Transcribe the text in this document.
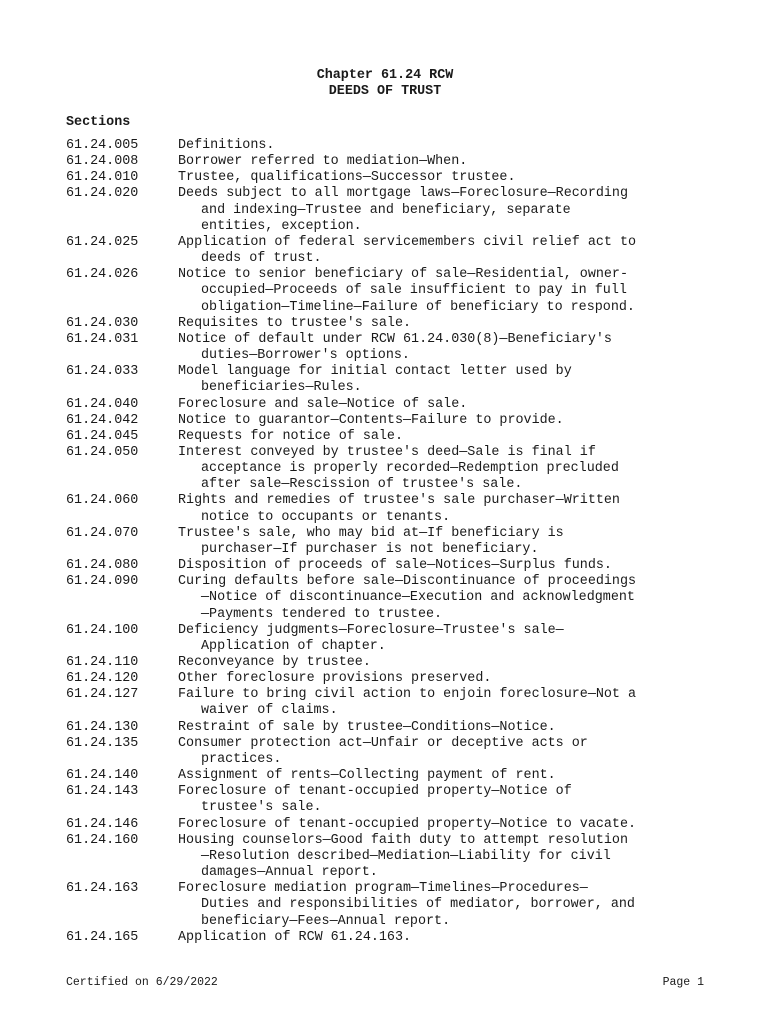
Chapter 61.24 RCW
DEEDS OF TRUST
Sections
61.24.005	Definitions.
61.24.008	Borrower referred to mediation—When.
61.24.010	Trustee, qualifications—Successor trustee.
61.24.020	Deeds subject to all mortgage laws—Foreclosure—Recording
and indexing—Trustee and beneficiary, separate
entities, exception.
61.24.025	Application of federal servicemembers civil relief act to
deeds of trust.
61.24.026	Notice to senior beneficiary of sale—Residential, owner-
occupied—Proceeds of sale insufficient to pay in full
obligation—Timeline—Failure of beneficiary to respond.
61.24.030	Requisites to trustee's sale.
61.24.031	Notice of default under RCW 61.24.030(8)—Beneficiary's
duties—Borrower's options.
61.24.033	Model language for initial contact letter used by
beneficiaries—Rules.
61.24.040	Foreclosure and sale—Notice of sale.
61.24.042	Notice to guarantor—Contents—Failure to provide.
61.24.045	Requests for notice of sale.
61.24.050	Interest conveyed by trustee's deed—Sale is final if
acceptance is properly recorded—Redemption precluded
after sale—Rescission of trustee's sale.
61.24.060	Rights and remedies of trustee's sale purchaser—Written
notice to occupants or tenants.
61.24.070	Trustee's sale, who may bid at—If beneficiary is
purchaser—If purchaser is not beneficiary.
61.24.080	Disposition of proceeds of sale—Notices—Surplus funds.
61.24.090	Curing defaults before sale—Discontinuance of proceedings
—Notice of discontinuance—Execution and acknowledgment
—Payments tendered to trustee.
61.24.100	Deficiency judgments—Foreclosure—Trustee's sale—
Application of chapter.
61.24.110	Reconveyance by trustee.
61.24.120	Other foreclosure provisions preserved.
61.24.127	Failure to bring civil action to enjoin foreclosure—Not a
waiver of claims.
61.24.130	Restraint of sale by trustee—Conditions—Notice.
61.24.135	Consumer protection act—Unfair or deceptive acts or
practices.
61.24.140	Assignment of rents—Collecting payment of rent.
61.24.143	Foreclosure of tenant-occupied property—Notice of
trustee's sale.
61.24.146	Foreclosure of tenant-occupied property—Notice to vacate.
61.24.160	Housing counselors—Good faith duty to attempt resolution
—Resolution described—Mediation—Liability for civil
damages—Annual report.
61.24.163	Foreclosure mediation program—Timelines—Procedures—
Duties and responsibilities of mediator, borrower, and
beneficiary—Fees—Annual report.
61.24.165	Application of RCW 61.24.163.
Certified on 6/29/2022	Page 1
